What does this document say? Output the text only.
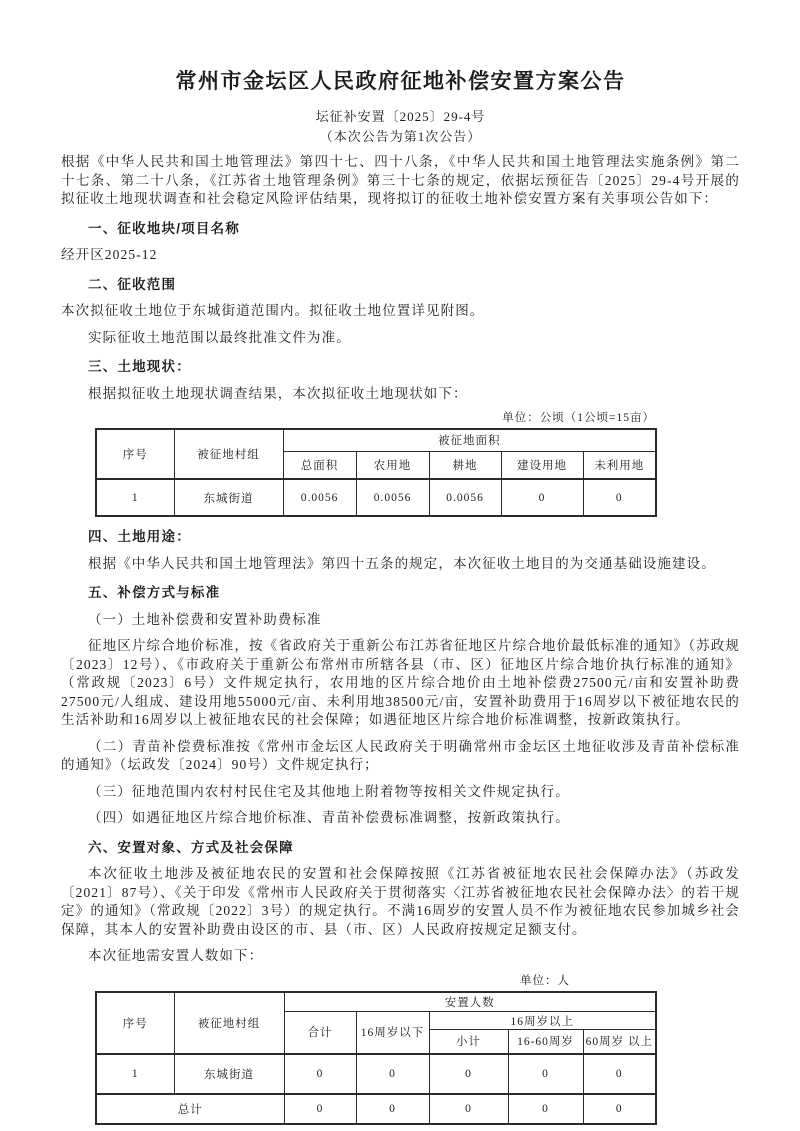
常州市金坛区人民政府征地补偿安置方案公告
坛征补安置〔2025〕29-4号
（本次公告为第1次公告）

根据《中华人民共和国土地管理法》第四十七、四十八条，《中华人民共和国土地管理法实施条例》第二十七条、第二十八条，《江苏省土地管理条例》第三十七条的规定，依据坛预征告〔2025〕29-4号开展的拟征收土地现状调查和社会稳定风险评估结果，现将拟订的征收土地补偿安置方案有关事项公告如下：

一、征收地块/项目名称

经开区2025-12

二、征收范围

本次拟征收土地位于东城街道范围内。拟征收土地位置详见附图。

实际征收土地范围以最终批准文件为准。

三、土地现状：

根据拟征收土地现状调查结果，本次拟征收土地现状如下：

单位：公顷（1公顷=15亩）
序号	被征地村组	被征地面积				
		总面积	农用地	耕地	建设用地	未利用地
1	东城街道	0.0056	0.0056	0.0056	0	0
四、土地用途：

根据《中华人民共和国土地管理法》第四十五条的规定，本次征收土地目的为交通基础设施建设。

五、补偿方式与标准

（一）土地补偿费和安置补助费标准

征地区片综合地价标准，按《省政府关于重新公布江苏省征地区片综合地价最低标准的通知》（苏政规〔2023〕12号）、《市政府关于重新公布常州市所辖各县（市、区）征地区片综合地价执行标准的通知》（常政规〔2023〕6号）文件规定执行，农用地的区片综合地价由土地补偿费27500元/亩和安置补助费27500元/人组成、建设用地55000元/亩、未利用地38500元/亩，安置补助费用于16周岁以下被征地农民的生活补助和16周岁以上被征地农民的社会保障；如遇征地区片综合地价标准调整，按新政策执行。

（二）青苗补偿费标准按《常州市金坛区人民政府关于明确常州市金坛区土地征收涉及青苗补偿标准的通知》（坛政发〔2024〕90号）文件规定执行；

（三）征地范围内农村村民住宅及其他地上附着物等按相关文件规定执行。

（四）如遇征地区片综合地价标准、青苗补偿费标准调整，按新政策执行。

六、安置对象、方式及社会保障

本次征收土地涉及被征地农民的安置和社会保障按照《江苏省被征地农民社会保障办法》（苏政发〔2021〕87号）、《关于印发《常州市人民政府关于贯彻落实〈江苏省被征地农民社会保障办法〉的若干规定》的通知》（常政规〔2022〕3号）的规定执行。不满16周岁的安置人员不作为被征地农民参加城乡社会保障，其本人的安置补助费由设区的市、县（市、区）人民政府按规定足额支付。

本次征地需安置人数如下：

单位：人
序号	被征地村组	安置人数				
		合计	16周岁以下	16周岁以上		
				小计	16-60周岁	60周岁 以上
1	东城街道	0	0	0	0	0
总计		0	0	0	0	0
